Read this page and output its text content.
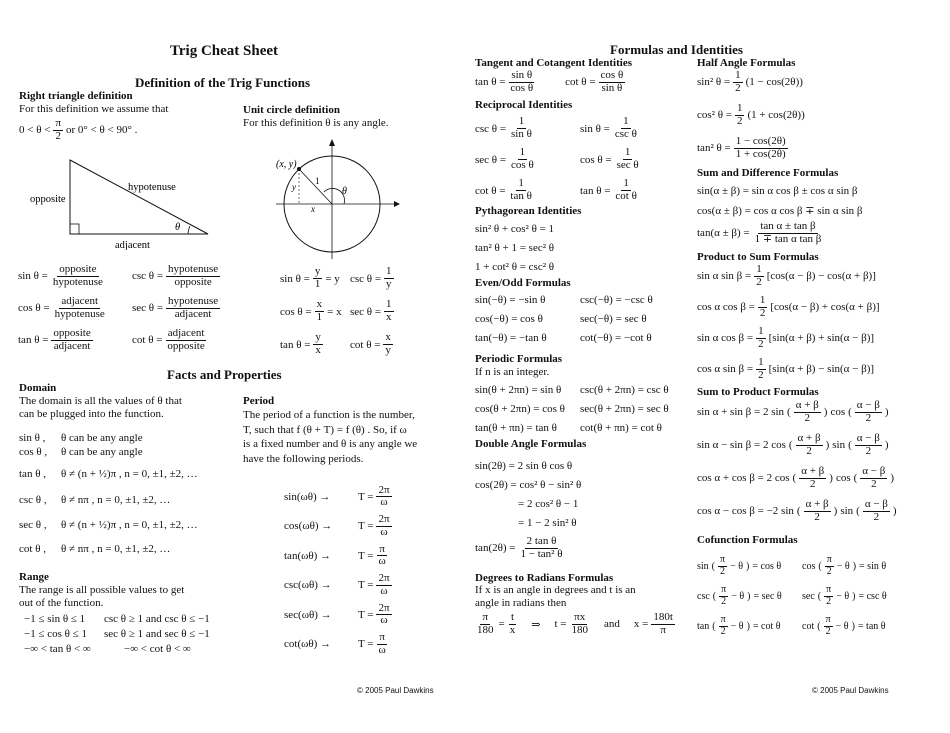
Trig Cheat Sheet
Definition of the Trig Functions
Right triangle definition
For this definition we assume that
$0 < \theta < \frac{\pi}{2}$ or 0° < θ < 90° .
Unit circle definition
For this definition θ is any angle.
opposite
hypotenuse
adjacent
θ
(x, y)
x
y
1
θ
$\sin \theta = \frac{\text{opposite}}{\text{hypotenuse}}$ $\csc \theta = \frac{\text{hypotenuse}}{\text{opposite}}$
$\cos \theta = \frac{\text{adjacent}}{\text{hypotenuse}}$ $\sec \theta = \frac{\text{hypotenuse}}{\text{adjacent}}$
$\tan \theta = \frac{\text{opposite}}{\text{adjacent}}$	$\cot \theta = \frac{\text{adjacent}}{\text{opposite}}$
$\sin \theta = \frac{y}{1} = y$ $\csc \theta = \frac{1}{y}$
$\cos \theta = \frac{x}{1} = x$ $\sec \theta = \frac{1}{x}$
$\tan \theta = \frac{y}{x}$ $\cot \theta = \frac{x}{y}$
Facts and Properties
Domain
The domain is all the values of θ that
can be plugged into the function.
sin θ ,	θ can be any angle
cos θ ,	θ can be any angle
tan θ ,	θ ≠ (n + ½)π , n = 0, ±1, ±2, …
csc θ ,	θ ≠ nπ , n = 0, ±1, ±2, …
sec θ ,	θ ≠ (n + ½)π , n = 0, ±1, ±2, …
cot θ ,	θ ≠ nπ , n = 0, ±1, ±2, …
Range
The range is all possible values to get
out of the function.
−1 ≤ sin θ ≤ 1	csc θ ≥ 1 and csc θ ≤ −1
−1 ≤ cos θ ≤ 1	sec θ ≥ 1 and sec θ ≤ −1
−∞ < tan θ < ∞	−∞ < cot θ < ∞
Period
The period of a function is the number,
T, such that f (θ + T) = f (θ) . So, if ω
is a fixed number and θ is any angle we
have the following periods.
sin(ωθ) →	$T = \frac{2\pi}{\omega}$
cos(ωθ) →	$T = \frac{2\pi}{\omega}$
tan(ωθ) →	$T = \frac{\pi}{\omega}$
csc(ωθ) →	$T = \frac{2\pi}{\omega}$
sec(ωθ) →	$T = \frac{2\pi}{\omega}$
cot(ωθ) →	$T = \frac{\pi}{\omega}$
© 2005 Paul Dawkins
Formulas and Identities
Tangent and Cotangent Identities
$\tan \theta = \frac{\text{sin θ}}{\text{cos θ}}$	$\cot \theta = \frac{\text{cos θ}}{\text{sin θ}}$
Reciprocal Identities
$\csc \theta = \frac{1}{\text{sin θ}}$	$\sin \theta = \frac{1}{\text{csc θ}}$
$\sec \theta = \frac{1}{\text{cos θ}}$	$\cos \theta = \frac{1}{\text{sec θ}}$
$\cot \theta = \frac{1}{\text{tan θ}}$	$\tan \theta = \frac{1}{\text{cot θ}}$
Pythagorean Identities
sin² θ + cos² θ = 1
tan² θ + 1 = sec² θ
1 + cot² θ = csc² θ
Even/Odd Formulas
sin(−θ) = −sin θ	csc(−θ) = −csc θ
cos(−θ) = cos θ	sec(−θ) = sec θ
tan(−θ) = −tan θ	cot(−θ) = −cot θ
Periodic Formulas
If n is an integer.
sin(θ + 2πn) = sin θ	csc(θ + 2πn) = csc θ
cos(θ + 2πn) = cos θ	sec(θ + 2πn) = sec θ
tan(θ + πn) = tan θ	cot(θ + πn) = cot θ
Double Angle Formulas
sin(2θ) = 2 sin θ cos θ
cos(2θ) = cos² θ − sin² θ
= 2 cos² θ − 1
= 1 − 2 sin² θ
$\tan(2\theta) = \frac{\text{2 tan θ}}{\text{1 − tan² θ}}$
Degrees to Radians Formulas
If x is an angle in degrees and t is an
angle in radians then
$\frac{\pi}{180} = \frac{t}{x}$ ⇒ $t = \frac{\pi x}{180}$ and $x = \frac{180t}{\pi}$
Half Angle Formulas
sin² $\theta = \frac{1}{2} (1 - \cos(2\theta))$
cos² $\theta = \frac{1}{2} (1 + \cos(2\theta))$
tan² $\theta = \frac{1 - \cos(2\theta)}{1 + \cos(2\theta)}$
Sum and Difference Formulas
sin(α ± β) = sin α cos β ± cos α sin β
cos(α ± β) = cos α cos β ∓ sin α sin β
$\tan(\alpha \pm \beta) = \frac{\text{tan α ± tan β}}{\text{1 ∓ tan α tan β}}$
Product to Sum Formulas
sin α $\sin \beta = \frac{1}{2} [\cos(\alpha - \beta) - \cos(\alpha + \beta)]$
cos α $\cos \beta = \frac{1}{2} [\cos(\alpha - \beta) + \cos(\alpha + \beta)]$
sin α $\cos \beta = \frac{1}{2} [\sin(\alpha + \beta) + \sin(\alpha - \beta)]$
cos α $\sin \beta = \frac{1}{2} [\sin(\alpha + \beta) - \sin(\alpha - \beta)]$
Sum to Product Formulas
sin α + sin β = 2 sin ( $\frac{\alpha + \beta}{2}$ ) cos ( $\frac{\alpha - \beta}{2}$ )
sin α − sin β = 2 cos ( $\frac{\alpha + \beta}{2}$ ) sin ( $\frac{\alpha - \beta}{2}$ )
cos α + cos β = 2 cos ( $\frac{\alpha + \beta}{2}$ ) cos ( $\frac{\alpha - \beta}{2}$ )
cos α − cos β = −2 sin ( $\frac{\alpha + \beta}{2}$ ) sin ( $\frac{\alpha - \beta}{2}$ )
Cofunction Formulas
sin ( $\frac{\pi}{2} - \theta$ ) = cos θ cos ( $\frac{\pi}{2} - \theta$ ) = sin θ
csc ( $\frac{\pi}{2} - \theta$ ) = sec θ sec ( $\frac{\pi}{2} - \theta$ ) = csc θ
tan ( $\frac{\pi}{2} - \theta$ ) = cot θ cot ( $\frac{\pi}{2} - \theta$ ) = tan θ
© 2005 Paul Dawkins
